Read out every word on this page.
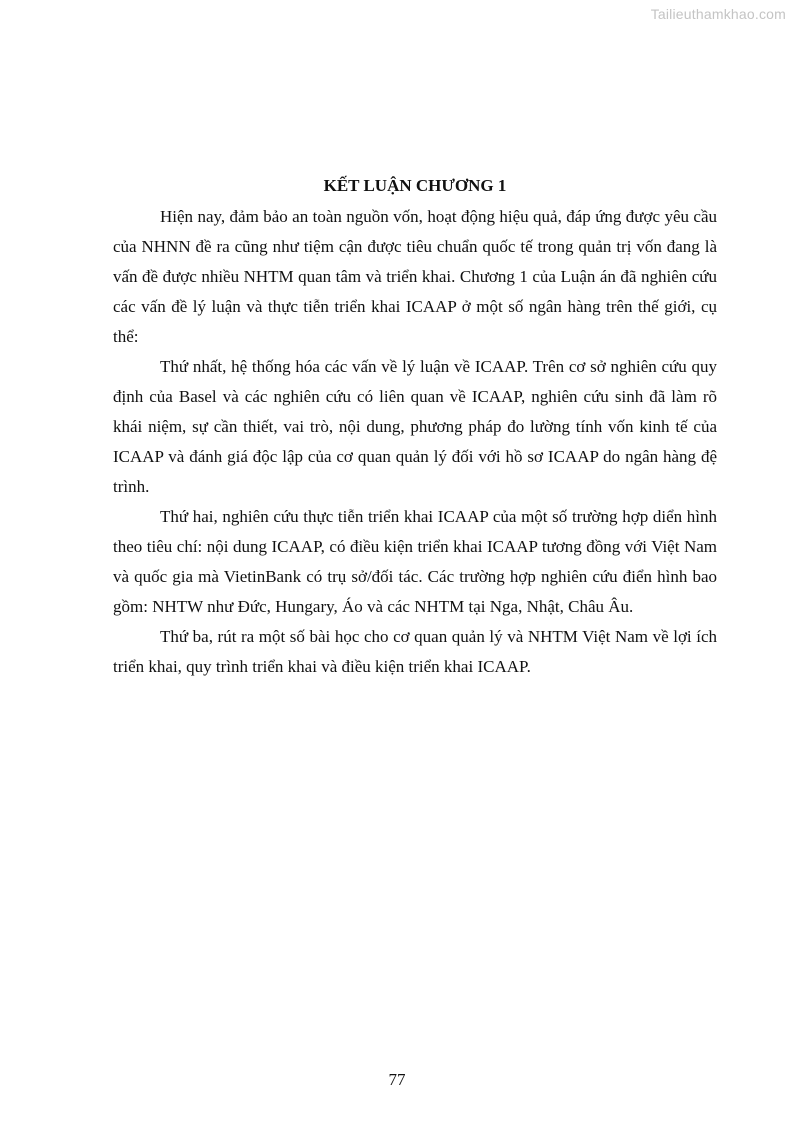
Tailieuthamkhao.com
KẾT LUẬN CHƯƠNG 1

Hiện nay, đảm bảo an toàn nguồn vốn, hoạt động hiệu quả, đáp ứng được yêu cầu của NHNN đề ra cũng như tiệm cận được tiêu chuẩn quốc tế trong quản trị vốn đang là vấn đề được nhiều NHTM quan tâm và triển khai. Chương 1 của Luận án đã nghiên cứu các vấn đề lý luận và thực tiễn triển khai ICAAP ở một số ngân hàng trên thế giới, cụ thể:

Thứ nhất, hệ thống hóa các vấn về lý luận về ICAAP. Trên cơ sở nghiên cứu quy định của Basel và các nghiên cứu có liên quan về ICAAP, nghiên cứu sinh đã làm rõ khái niệm, sự cần thiết, vai trò, nội dung, phương pháp đo lường tính vốn kinh tế của ICAAP và đánh giá độc lập của cơ quan quản lý đối với hồ sơ ICAAP do ngân hàng đệ trình.

Thứ hai, nghiên cứu thực tiễn triển khai ICAAP của một số trường hợp diển hình theo tiêu chí: nội dung ICAAP, có điều kiện triển khai ICAAP tương đồng với Việt Nam và quốc gia mà VietinBank có trụ sở/đối tác. Các trường hợp nghiên cứu điển hình bao gồm: NHTW như Đức, Hungary, Áo và các NHTM tại Nga, Nhật, Châu Âu.

Thứ ba, rút ra một số bài học cho cơ quan quản lý và NHTM Việt Nam về lợi ích triển khai, quy trình triển khai và điều kiện triển khai ICAAP.

77
